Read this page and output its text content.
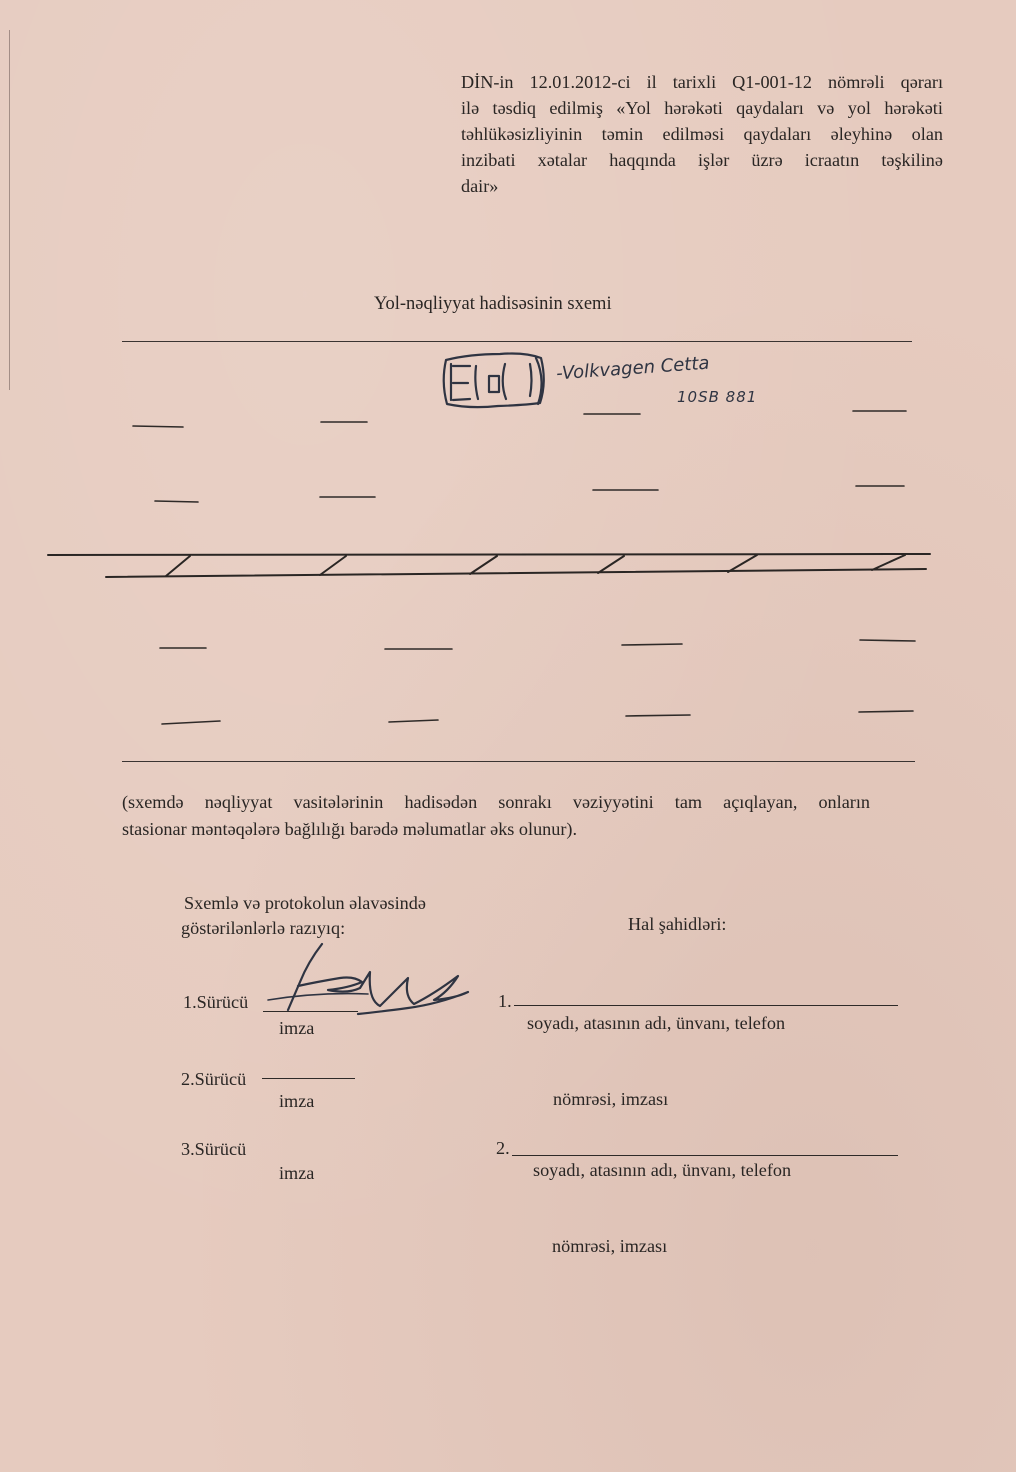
DİN-in 12.01.2012-ci il tarixli Q1-001-12 nömrəli qərarı
ilə təsdiq edilmiş «Yol hərəkəti qaydaları və yol hərəkəti
təhlükəsizliyinin təmin edilməsi qaydaları əleyhinə olan
inzibati xətalar haqqında işlər üzrə icraatın təşkilinə
dair»
Yol-nəqliyyat hadisəsinin sxemi
-Volkvagen Cetta
10SB 881
(sxemdə nəqliyyat vasitələrinin hadisədən sonrakı vəziyyətini tam açıqlayan, onların
stasionar məntəqələrə bağlılığı barədə məlumatlar əks olunur).
Sxemlə və protokolun əlavəsində
göstərilənlərlə razıyıq:	Hal şahidləri:
1.Sürücü
imza
1.
soyadı, atasının adı, ünvanı, telefon
nömrəsi, imzası
2.Sürücü
imza
3.Sürücü
imza
2.
soyadı, atasının adı, ünvanı, telefon
nömrəsi, imzası
